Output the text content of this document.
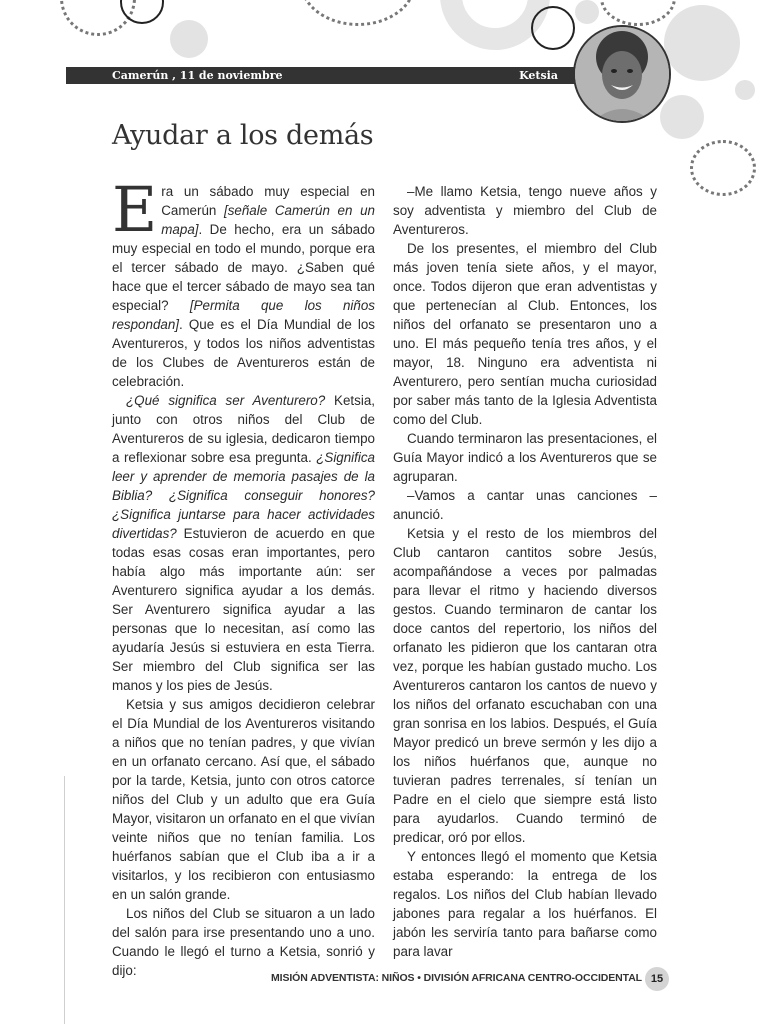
Camerún , 11 de noviembre	Ketsia
Ayudar a los demás

Era un sábado muy especial en Camerún [señale Camerún en un mapa]. De hecho, era un sábado muy especial en todo el mundo, porque era el tercer sábado de mayo. ¿Saben qué hace que el tercer sábado de mayo sea tan especial? [Permita que los niños respondan]. Que es el Día Mundial de los Aventureros, y todos los niños adventistas de los Clubes de Aventureros están de celebración.

¿Qué significa ser Aventurero? Ketsia, junto con otros niños del Club de Aventureros de su iglesia, dedicaron tiempo a reflexionar sobre esa pregunta. ¿Significa leer y aprender de memoria pasajes de la Biblia? ¿Significa conseguir honores? ¿Significa juntarse para hacer actividades divertidas? Estuvieron de acuerdo en que todas esas cosas eran importantes, pero había algo más importante aún: ser Aventurero significa ayudar a los demás. Ser Aventurero significa ayudar a las personas que lo necesitan, así como las ayudaría Jesús si estuviera en esta Tierra. Ser miembro del Club significa ser las manos y los pies de Jesús.

Ketsia y sus amigos decidieron celebrar el Día Mundial de los Aventureros visitando a niños que no tenían padres, y que vivían en un orfanato cercano. Así que, el sábado por la tarde, Ketsia, junto con otros catorce niños del Club y un adulto que era Guía Mayor, visitaron un orfanato en el que vivían veinte niños que no tenían familia. Los huérfanos sabían que el Club iba a ir a visitarlos, y los recibieron con entusiasmo en un salón grande.

Los niños del Club se situaron a un lado del salón para irse presentando uno a uno. Cuando le llegó el turno a Ketsia, sonrió y dijo:

–Me llamo Ketsia, tengo nueve años y soy adventista y miembro del Club de Aventureros.

De los presentes, el miembro del Club más joven tenía siete años, y el mayor, once. Todos dijeron que eran adventistas y que pertenecían al Club. Entonces, los niños del orfanato se presentaron uno a uno. El más pequeño tenía tres años, y el mayor, 18. Ninguno era adventista ni Aventurero, pero sentían mucha curiosidad por saber más tanto de la Iglesia Adventista como del Club.

Cuando terminaron las presentaciones, el Guía Mayor indicó a los Aventureros que se agruparan.

–Vamos a cantar unas canciones –anunció.

Ketsia y el resto de los miembros del Club cantaron cantitos sobre Jesús, acompañándose a veces por palmadas para llevar el ritmo y haciendo diversos gestos. Cuando terminaron de cantar los doce cantos del repertorio, los niños del orfanato les pidieron que los cantaran otra vez, porque les habían gustado mucho. Los Aventureros cantaron los cantos de nuevo y los niños del orfanato escuchaban con una gran sonrisa en los labios. Después, el Guía Mayor predicó un breve sermón y les dijo a los niños huérfanos que, aunque no tuvieran padres terrenales, sí tenían un Padre en el cielo que siempre está listo para ayudarlos. Cuando terminó de predicar, oró por ellos.

Y entonces llegó el momento que Ketsia estaba esperando: la entrega de los regalos. Los niños del Club habían llevado jabones para regalar a los huérfanos. El jabón les serviría tanto para bañarse como para lavar

MISIÓN ADVENTISTA: NIÑOS • DIVISIÓN AFRICANA CENTRO-OCCIDENTAL 15
